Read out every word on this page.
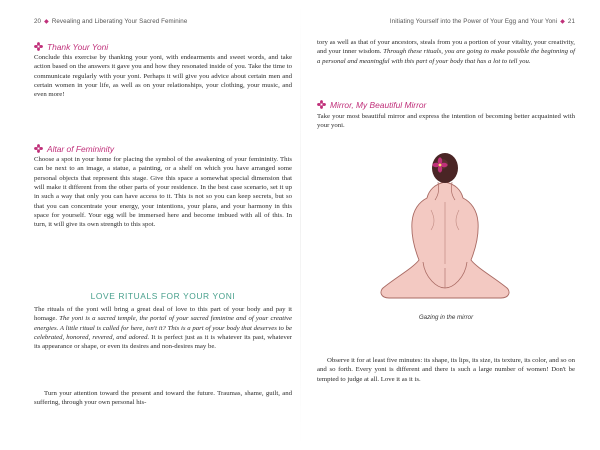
20 ◆ Revealing and Liberating Your Sacred Feminine
Thank Your Yoni

Conclude this exercise by thanking your yoni, with endearments and sweet words, and take action based on the answers it gave you and how they resonated inside of you. Take the time to communicate regularly with your yoni. Perhaps it will give you advice about certain men and certain women in your life, as well as on your relationships, your clothing, your music, and even more!

Altar of Femininity

Choose a spot in your home for placing the symbol of the awakening of your femininity. This can be next to an image, a statue, a painting, or a shelf on which you have arranged some personal objects that represent this stage. Give this space a somewhat special dimension that will make it different from the other parts of your residence. In the best case scenario, set it up in such a way that only you can have access to it. This is not so you can keep secrets, but so that you can concentrate your energy, your intentions, your plans, and your harmony in this space for yourself. Your egg will be immersed here and become imbued with all of this. In turn, it will give its own strength to this spot.

LOVE RITUALS FOR YOUR YONI

The rituals of the yoni will bring a great deal of love to this part of your body and pay it homage. The yoni is a sacred temple, the portal of your sacred feminine and of your creative energies. A little ritual is called for here, isn't it? This is a part of your body that deserves to be celebrated, honored, revered, and adored. It is perfect just as it is whatever its past, whatever its appearance or shape, or even its desires and non-desires may be.

Turn your attention toward the present and toward the future. Traumas, shame, guilt, and suffering, through your own personal his-

Initiating Yourself into the Power of Your Egg and Your Yoni ◆ 21

tory as well as that of your ancestors, steals from you a portion of your vitality, your creativity, and your inner wisdom. Through these rituals, you are going to make possible the beginning of a personal and meaningful with this part of your body that has a lot to tell you.

Mirror, My Beautiful Mirror

Take your most beautiful mirror and express the intention of becoming better acquainted with your yoni.

Gazing in the mirror

Observe it for at least five minutes: its shape, its lips, its size, its texture, its color, and so on and so forth. Every yoni is different and there is such a large number of women! Don't be tempted to judge at all. Love it as it is.
